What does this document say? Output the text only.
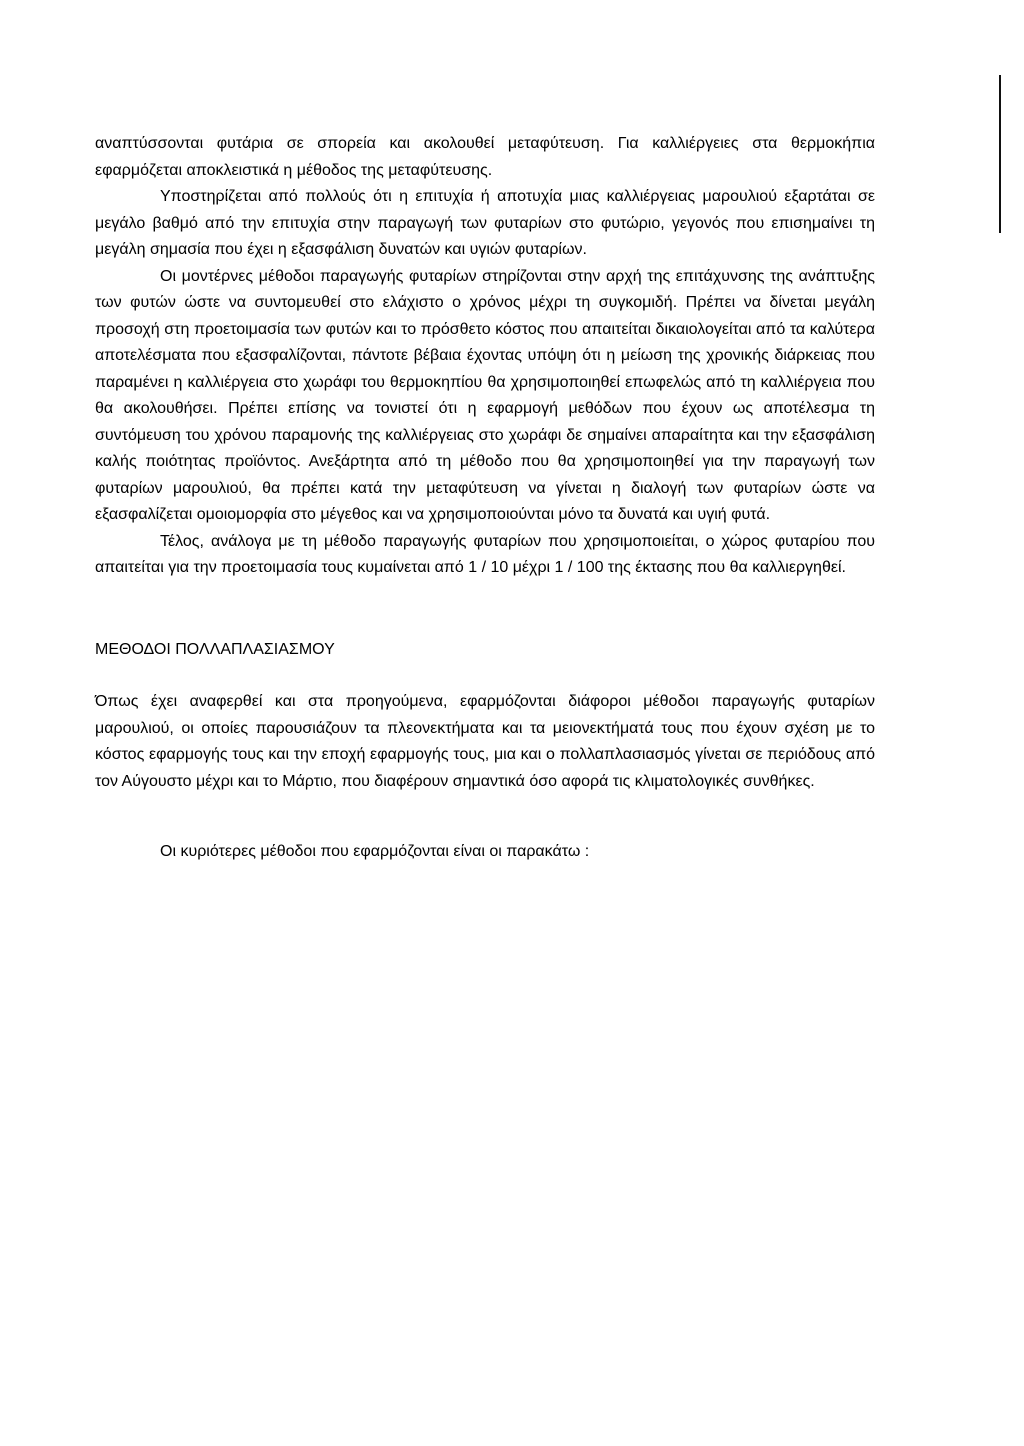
αναπτύσσονται φυτάρια σε σπορεία και ακολουθεί μεταφύτευση. Για καλλιέργειες στα θερμοκήπια εφαρμόζεται αποκλειστικά η μέθοδος της μεταφύτευσης.

Υποστηρίζεται από πολλούς ότι η επιτυχία ή αποτυχία μιας καλλιέργειας μαρουλιού εξαρτάται σε μεγάλο βαθμό από την επιτυχία στην παραγωγή των φυταρίων στο φυτώριο, γεγονός που επισημαίνει τη μεγάλη σημασία που έχει η εξασφάλιση δυνατών και υγιών φυταρίων.

Οι μοντέρνες μέθοδοι παραγωγής φυταρίων στηρίζονται στην αρχή της επιτάχυνσης της ανάπτυξης των φυτών ώστε να συντομευθεί στο ελάχιστο ο χρόνος μέχρι τη συγκομιδή. Πρέπει να δίνεται μεγάλη προσοχή στη προετοιμασία των φυτών και το πρόσθετο κόστος που απαιτείται δικαιολογείται από τα καλύτερα αποτελέσματα που εξασφαλίζονται, πάντοτε βέβαια έχοντας υπόψη ότι η μείωση της χρονικής διάρκειας που παραμένει η καλλιέργεια στο χωράφι του θερμοκηπίου θα χρησιμοποιηθεί επωφελώς από τη καλλιέργεια που θα ακολουθήσει. Πρέπει επίσης να τονιστεί ότι η εφαρμογή μεθόδων που έχουν ως αποτέλεσμα τη συντόμευση του χρόνου παραμονής της καλλιέργειας στο χωράφι δε σημαίνει απαραίτητα και την εξασφάλιση καλής ποιότητας προϊόντος. Ανεξάρτητα από τη μέθοδο που θα χρησιμοποιηθεί για την παραγωγή των φυταρίων μαρουλιού, θα πρέπει κατά την μεταφύτευση να γίνεται η διαλογή των φυταρίων ώστε να εξασφαλίζεται ομοιομορφία στο μέγεθος και να χρησιμοποιούνται μόνο τα δυνατά και υγιή φυτά.

Τέλος, ανάλογα με τη μέθοδο παραγωγής φυταρίων που χρησιμοποιείται, ο χώρος φυταρίου που απαιτείται για την προετοιμασία τους κυμαίνεται από 1 / 10 μέχρι 1 / 100 της έκτασης που θα καλλιεργηθεί.

ΜΕΘΟΔΟΙ ΠΟΛΛΑΠΛΑΣΙΑΣΜΟΥ

Όπως έχει αναφερθεί και στα προηγούμενα, εφαρμόζονται διάφοροι μέθοδοι παραγωγής φυταρίων μαρουλιού, οι οποίες παρουσιάζουν τα πλεονεκτήματα και τα μειονεκτήματά τους που έχουν σχέση με το κόστος εφαρμογής τους και την εποχή εφαρμογής τους, μια και ο πολλαπλασιασμός γίνεται σε περιόδους από τον Αύγουστο μέχρι και το Μάρτιο, που διαφέρουν σημαντικά όσο αφορά τις κλιματολογικές συνθήκες.

Οι κυριότερες μέθοδοι που εφαρμόζονται είναι οι παρακάτω :
